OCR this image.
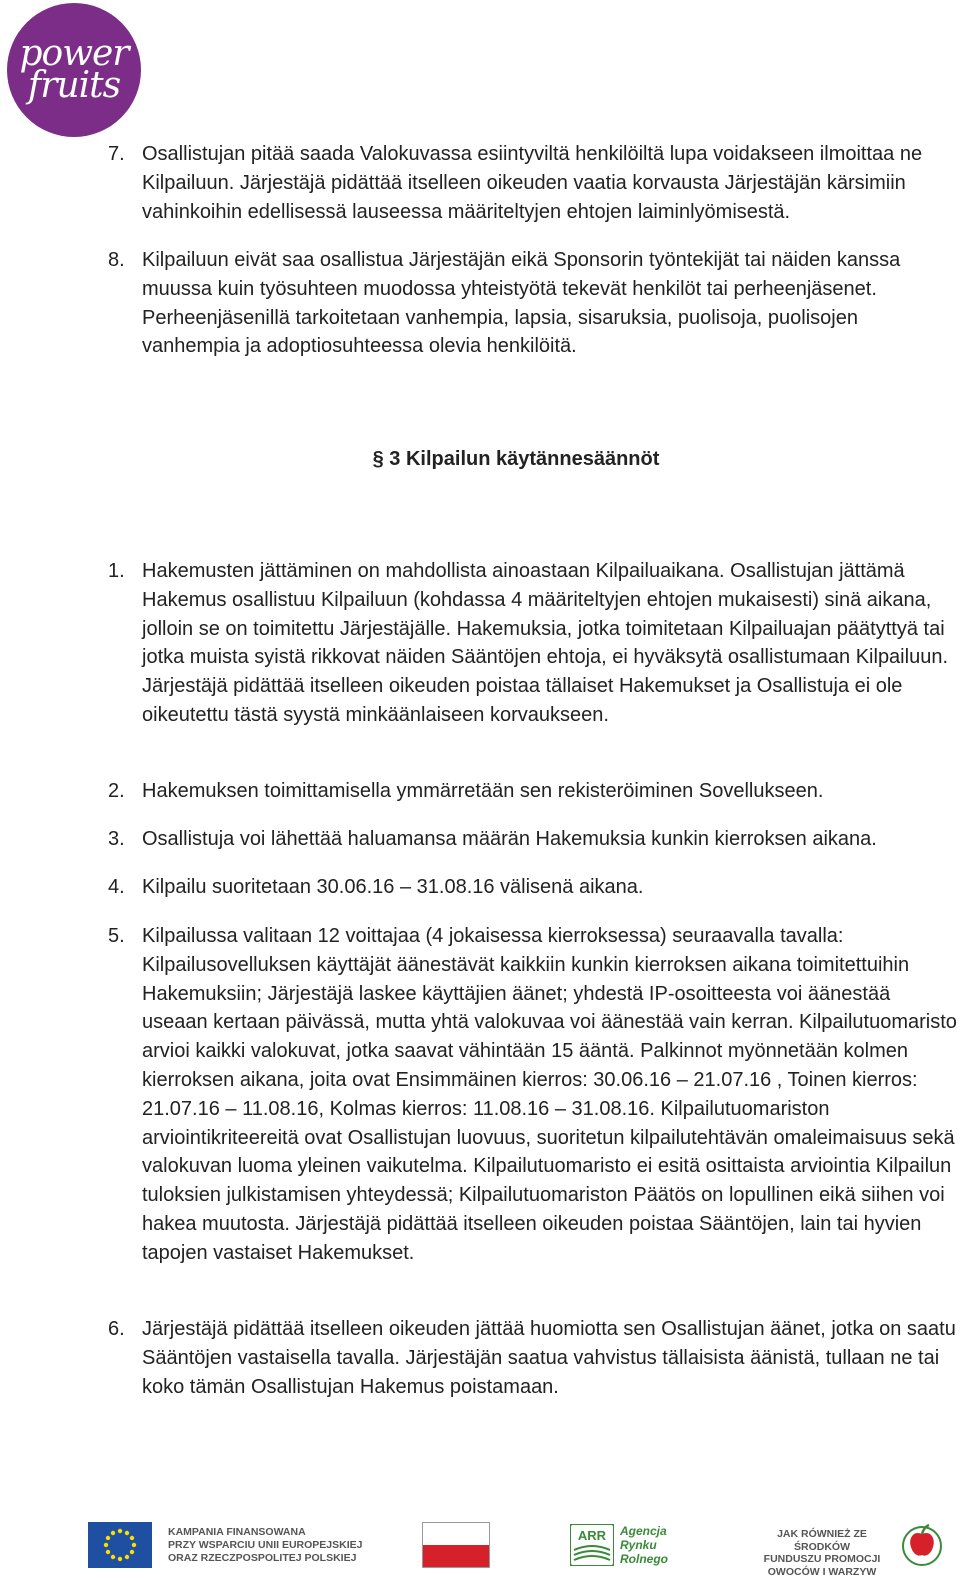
power
fruits
7. Osallistujan pitää saada Valokuvassa esiintyviltä henkilöiltä lupa voidakseen ilmoittaa ne Kilpailuun. Järjestäjä pidättää itselleen oikeuden vaatia korvausta Järjestäjän kärsimiin vahinkoihin edellisessä lauseessa määriteltyjen ehtojen laiminlyömisestä.
8. Kilpailuun eivät saa osallistua Järjestäjän eikä Sponsorin työntekijät tai näiden kanssa muussa kuin työsuhteen muodossa yhteistyötä tekevät henkilöt tai perheenjäsenet. Perheenjäsenillä tarkoitetaan vanhempia, lapsia, sisaruksia, puolisoja, puolisojen vanhempia ja adoptiosuhteessa olevia henkilöitä.
§ 3 Kilpailun käytännesäännöt
1. Hakemusten jättäminen on mahdollista ainoastaan Kilpailuaikana. Osallistujan jättämä Hakemus osallistuu Kilpailuun (kohdassa 4 määriteltyjen ehtojen mukaisesti) sinä aikana, jolloin se on toimitettu Järjestäjälle. Hakemuksia, jotka toimitetaan Kilpailuajan päätyttyä tai jotka muista syistä rikkovat näiden Sääntöjen ehtoja, ei hyväksytä osallistumaan Kilpailuun. Järjestäjä pidättää itselleen oikeuden poistaa tällaiset Hakemukset ja Osallistuja ei ole oikeutettu tästä syystä minkäänlaiseen korvaukseen.
2. Hakemuksen toimittamisella ymmärretään sen rekisteröiminen Sovellukseen.
3. Osallistuja voi lähettää haluamansa määrän Hakemuksia kunkin kierroksen aikana.
4. Kilpailu suoritetaan 30.06.16 – 31.08.16 välisenä aikana.
5. Kilpailussa valitaan 12 voittajaa (4 jokaisessa kierroksessa) seuraavalla tavalla: Kilpailusovelluksen käyttäjät äänestävät kaikkiin kunkin kierroksen aikana toimitettuihin Hakemuksiin; Järjestäjä laskee käyttäjien äänet; yhdestä IP-osoitteesta voi äänestää useaan kertaan päivässä, mutta yhtä valokuvaa voi äänestää vain kerran. Kilpailutuomaristo arvioi kaikki valokuvat, jotka saavat vähintään 15 ääntä. Palkinnot myönnetään kolmen kierroksen aikana, joita ovat Ensimmäinen kierros: 30.06.16 – 21.07.16 , Toinen kierros: 21.07.16 – 11.08.16, Kolmas kierros: 11.08.16 – 31.08.16. Kilpailutuomariston arviointikriteereitä ovat Osallistujan luovuus, suoritetun kilpailutehtävän omaleimaisuus sekä valokuvan luoma yleinen vaikutelma. Kilpailutuomaristo ei esitä osittaista arviointia Kilpailun tuloksien julkistamisen yhteydessä; Kilpailutuomariston Päätös on lopullinen eikä siihen voi hakea muutosta. Järjestäjä pidättää itselleen oikeuden poistaa Sääntöjen, lain tai hyvien tapojen vastaiset Hakemukset.
6. Järjestäjä pidättää itselleen oikeuden jättää huomiotta sen Osallistujan äänet, jotka on saatu Sääntöjen vastaisella tavalla. Järjestäjän saatua vahvistus tällaisista äänistä, tullaan ne tai koko tämän Osallistujan Hakemus poistamaan.
KAMPANIA FINANSOWANA
PRZY WSPARCIU UNII EUROPEJSKIEJ
ORAZ RZECZPOSPOLITEJ POLSKIEJ
ARR Agencja
Rynku
Rolnego
JAK RÓWNIEŻ ZE ŚRODKÓW
FUNDUSZU PROMOCJI
OWOCÓW I WARZYW
